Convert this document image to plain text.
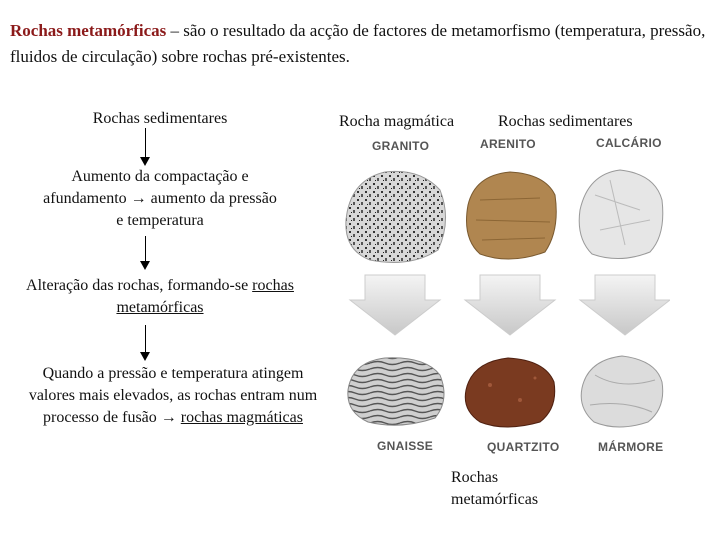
Rochas metamórficas – são o resultado da acção de factores de metamorfismo (temperatura, pressão, fluidos de circulação) sobre rochas pré-existentes.
Rochas sedimentares
Aumento da compactação e afundamento → aumento da pressão e temperatura
Alteração das rochas, formando-se rochas metamórficas
Quando a pressão e temperatura atingem valores mais elevados, as rochas entram num processo de fusão → rochas magmáticas
Rocha magmática	Rochas sedimentares
GRANITO	ARENITO	CALCÁRIO
GNAISSE	QUARTZITO	MÁRMORE
Rochas metamórficas
